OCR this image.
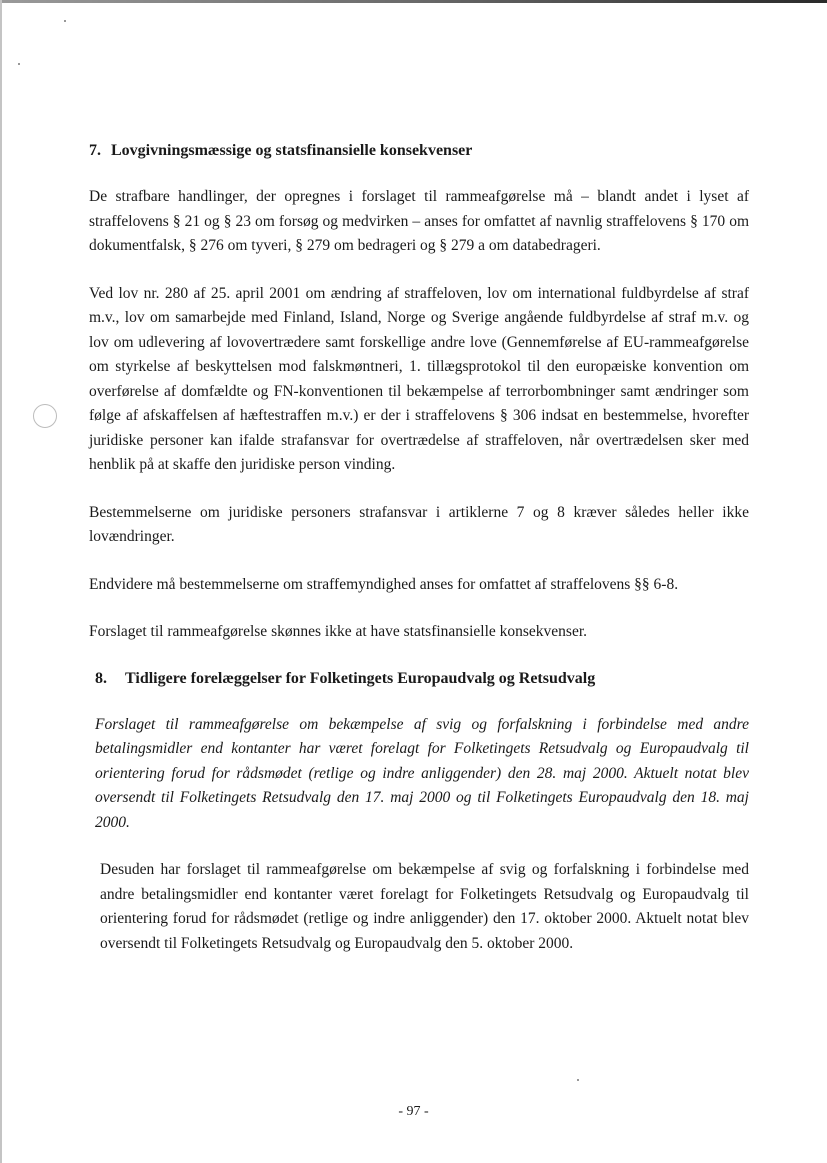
7. Lovgivningsmæssige og statsfinansielle konsekvenser

De strafbare handlinger, der opregnes i forslaget til rammeafgørelse må – blandt andet i lyset af straffelovens § 21 og § 23 om forsøg og medvirken – anses for omfattet af navnlig straffelovens § 170 om dokumentfalsk, § 276 om tyveri, § 279 om bedrageri og § 279 a om databedrageri.

Ved lov nr. 280 af 25. april 2001 om ændring af straffeloven, lov om international fuldbyrdelse af straf m.v., lov om samarbejde med Finland, Island, Norge og Sverige angående fuldbyrdelse af straf m.v. og lov om udlevering af lovovertrædere samt forskellige andre love (Gennemførelse af EU-rammeafgørelse om styrkelse af beskyttelsen mod falskmøntneri, 1. tillægsprotokol til den europæiske konvention om overførelse af domfældte og FN-konventionen til bekæmpelse af terrorbombninger samt ændringer som følge af afskaffelsen af hæftestraffen m.v.) er der i straffelovens § 306 indsat en bestemmelse, hvorefter juridiske personer kan ifalde strafansvar for overtrædelse af straffeloven, når overtrædelsen sker med henblik på at skaffe den juridiske person vinding.

Bestemmelserne om juridiske personers strafansvar i artiklerne 7 og 8 kræver således heller ikke lovændringer.

Endvidere må bestemmelserne om straffemyndighed anses for omfattet af straffelovens §§ 6-8.

Forslaget til rammeafgørelse skønnes ikke at have statsfinansielle konsekvenser.

8. Tidligere forelæggelser for Folketingets Europaudvalg og Retsudvalg

Forslaget til rammeafgørelse om bekæmpelse af svig og forfalskning i forbindelse med andre betalingsmidler end kontanter har været forelagt for Folketingets Retsudvalg og Europaudvalg til orientering forud for rådsmødet (retlige og indre anliggender) den 28. maj 2000. Aktuelt notat blev oversendt til Folketingets Retsudvalg den 17. maj 2000 og til Folketingets Europaudvalg den 18. maj 2000.

Desuden har forslaget til rammeafgørelse om bekæmpelse af svig og forfalskning i forbindelse med andre betalingsmidler end kontanter været forelagt for Folketingets Retsudvalg og Europaudvalg til orientering forud for rådsmødet (retlige og indre anliggender) den 17. oktober 2000. Aktuelt notat blev oversendt til Folketingets Retsudvalg og Europaudvalg den 5. oktober 2000.

- 97 -
